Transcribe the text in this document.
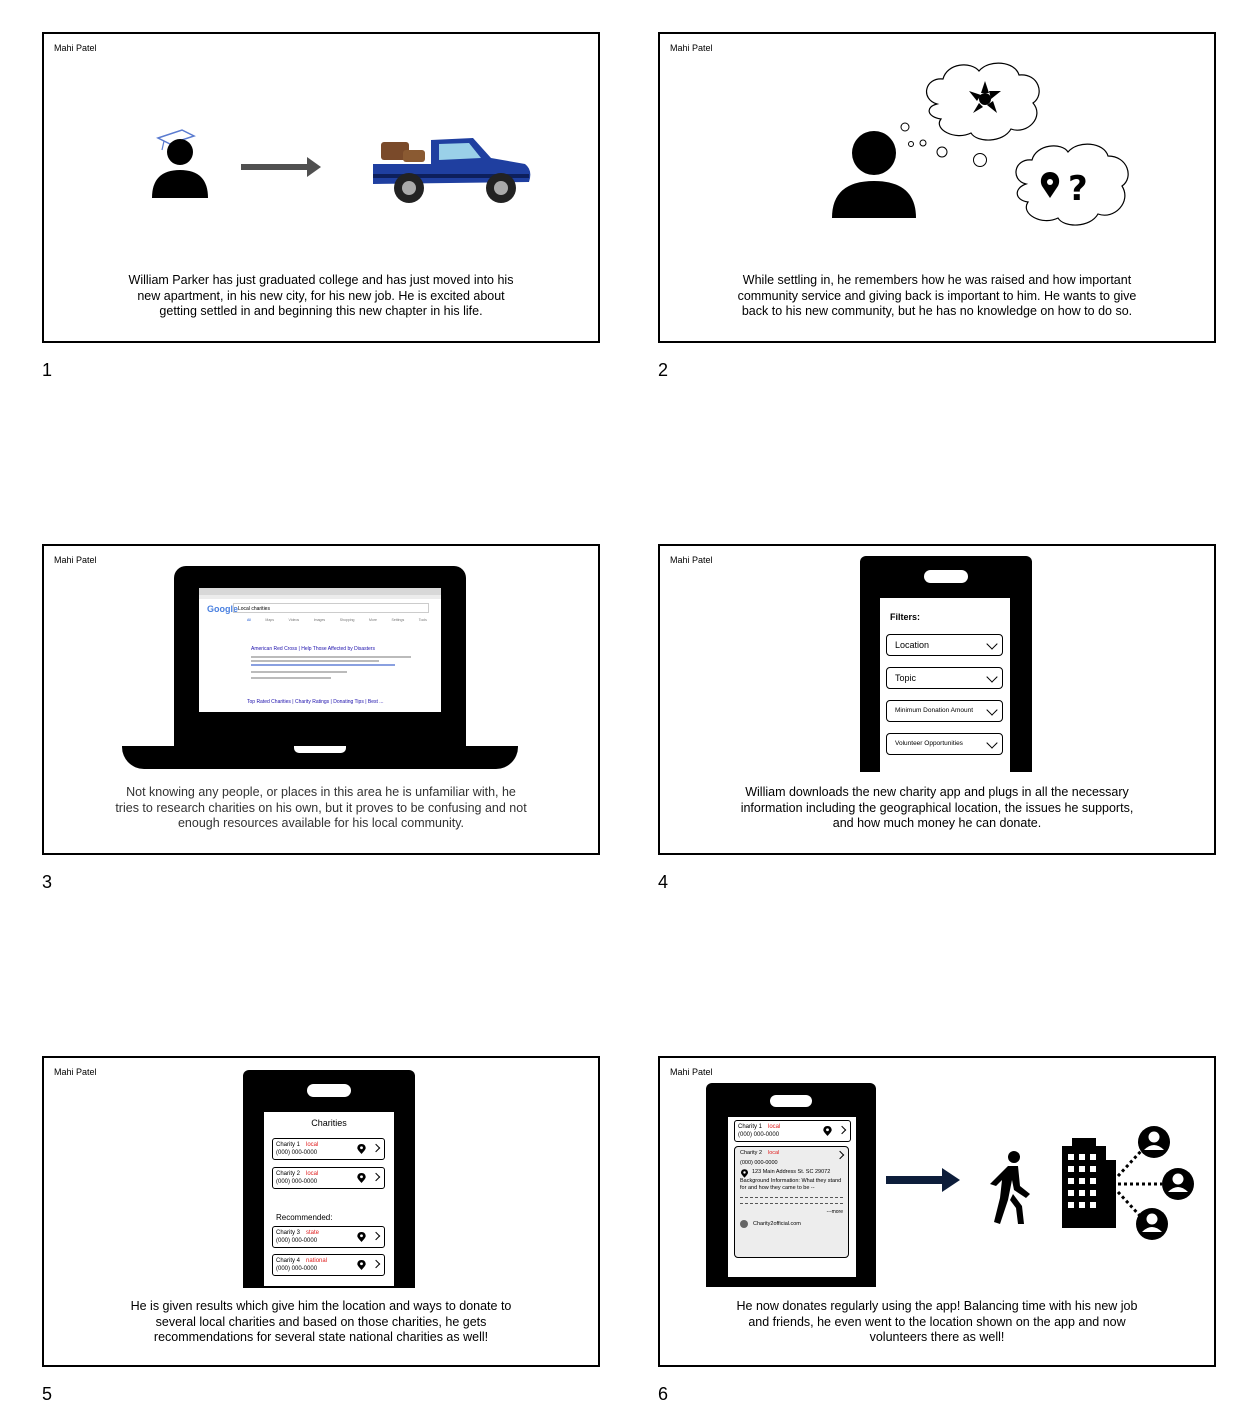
Mahi Patel
William Parker has just graduated college and has just moved into his new apartment, in his new city, for his new job. He is excited about getting settled in and beginning this new chapter in his life.
1
Mahi Patel
?
While settling in, he remembers how he was raised and how important community service and giving back is important to him. He wants to give back to his new community, but he has no knowledge on how to do so.
2
Mahi Patel
Google Local charities
All	Maps	Videos	Images	Shopping	More	Settings	Tools
American Red Cross | Help Those Affected by Disasters
Top Rated Charities | Charity Ratings | Donating Tips | Best ...
Not knowing any people, or places in this area he is unfamiliar with, he tries to research charities on his own, but it proves to be confusing and not enough resources available for his local community.
3
Mahi Patel
Filters:
Location
Topic
Minimum Donation Amount
Volunteer Opportunities
William downloads the new charity app and plugs in all the necessary information including the geographical location, the issues he supports, and how much money he can donate.
4
Mahi Patel
Charities
Charity 1 local
(000) 000-0000
Charity 2 local
(000) 000-0000
Recommended:
Charity 3 state
(000) 000-0000
Charity 4 national
(000) 000-0000
He is given results which give him the location and ways to donate to several local charities and based on those charities, he gets recommendations for several state national charities as well!
5
Mahi Patel
Charity 1 local
(000) 000-0000
Charity 2 local
(000) 000-0000
123 Main Address St. SC 29072
Background Information: What they stand for and how they came to be --
---more
Charity2official.com
He now donates regularly using the app! Balancing time with his new job and friends, he even went to the location shown on the app and now volunteers there as well!
6
